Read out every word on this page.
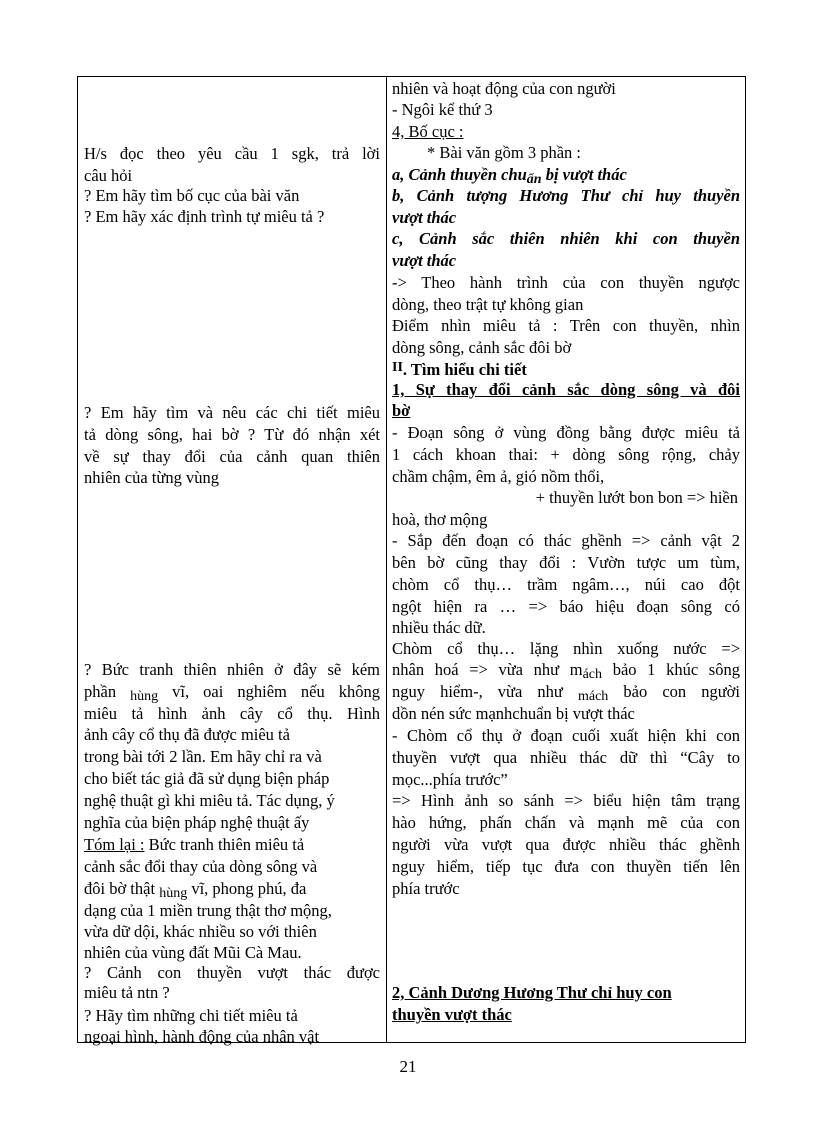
H/s đọc theo yêu cầu 1 sgk, trả lời
câu hỏi
? Em hãy tìm bố cục của bài văn
? Em hãy xác định trình tự miêu tả ?
? Em hãy tìm và nêu các chi tiết miêu
tả dòng sông, hai bờ ? Từ đó nhận xét
về sự thay đổi của cảnh quan thiên
nhiên của từng vùng
? Bức tranh thiên nhiên ở đây sẽ kém
phần hùng vĩ, oai nghiêm nếu không
miêu tả hình ảnh cây cổ thụ. Hình
ảnh cây cổ thụ đã được miêu tả
trong bài tới 2 lần. Em hãy chỉ ra và
cho biết tác giả đã sử dụng biện pháp
nghệ thuật gì khi miêu tả. Tác dụng, ý
nghĩa của biện pháp nghệ thuật ấy
Tóm lại : Bức tranh thiên miêu tả
cảnh sắc đổi thay của dòng sông và
đôi bờ thật hùng vĩ, phong phú, đa
dạng của 1 miền trung thật thơ mộng,
vừa dữ dội, khác nhiều so với thiên
nhiên của vùng đất Mũi Cà Mau.
? Cảnh con thuyền vượt thác được
miêu tả ntn ?
? Hãy tìm những chi tiết miêu tả
ngoại hình, hành động của nhân vật
nhiên và hoạt động của con người
- Ngôi kể thứ 3
4, Bố cục :
* Bài văn gồm 3 phần :
a, Cảnh thuyền chuẩn bị vượt thác
b, Cảnh tượng Hương Thư chỉ huy thuyền
vượt thác
c, Cảnh sắc thiên nhiên khi con thuyền
vượt thác
-> Theo hành trình của con thuyền ngược
dòng, theo trật tự không gian
Điểm nhìn miêu tả : Trên con thuyền, nhìn
dòng sông, cảnh sắc đôi bờ
$^{II}$. Tìm hiểu chi tiết
1, Sự thay đổi cảnh sắc dòng sông và đôi
bờ
- Đoạn sông ở vùng đồng bằng được miêu tả
1 cách khoan thai: + dòng sông rộng, chảy
chầm chậm, êm ả, gió nồm thổi,
+ thuyền lướt bon bon => hiền
hoà, thơ mộng
- Sắp đến đoạn có thác ghềnh => cảnh vật 2
bên bờ cũng thay đổi : Vườn tược um tùm,
chòm cổ thụ… trầm ngâm…, núi cao đột
ngột hiện ra … => báo hiệu đoạn sông có
nhiều thác dữ.
Chòm cổ thụ… lặng nhìn xuống nước =>
nhân hoá => vừa như mách bảo 1 khúc sông
nguy hiểm-, vừa như mách bảo con người
dồn nén sức mạnhchuẩn bị vượt thác
- Chòm cổ thụ ở đoạn cuối xuất hiện khi con
thuyền vượt qua nhiều thác dữ thì “Cây to
mọc...phía trước”
=> Hình ảnh so sánh => biểu hiện tâm trạng
hào hứng, phấn chấn và mạnh mẽ của con
người vừa vượt qua được nhiều thác ghềnh
nguy hiểm, tiếp tục đưa con thuyền tiến lên
phía trước
2, Cảnh Dương Hương Thư chỉ huy con
thuyền vượt thác
21
